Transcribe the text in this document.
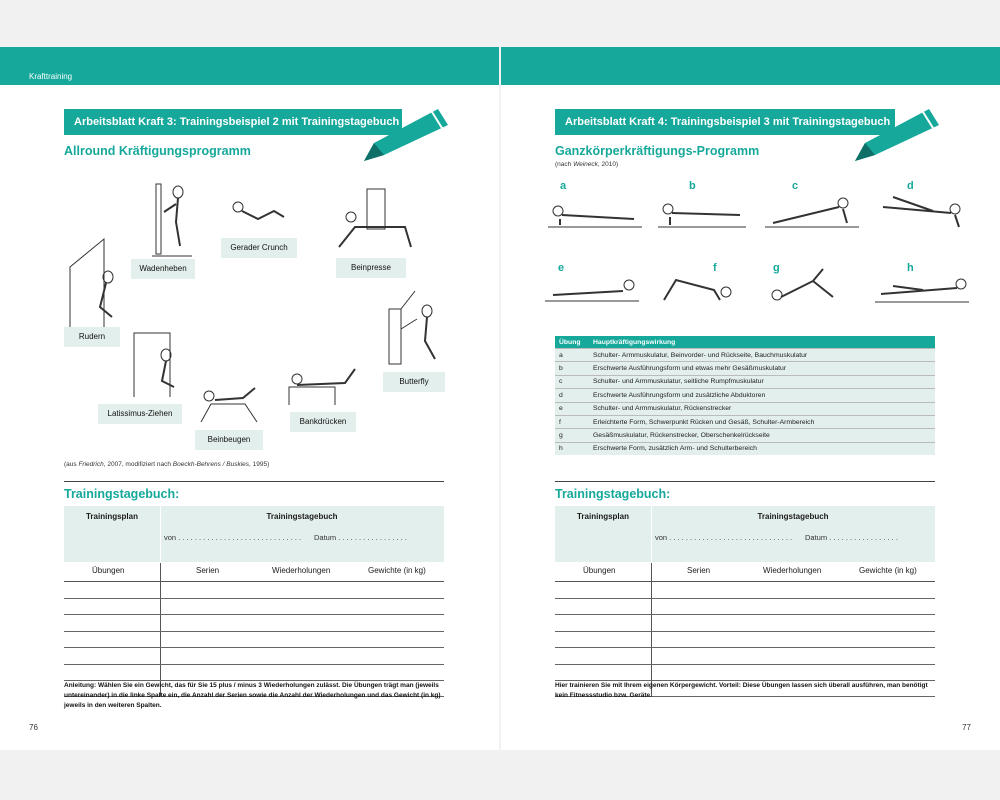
Krafttraining
Arbeitsblatt Kraft 3: Trainingsbeispiel 2 mit Trainingstagebuch
Allround Kräftigungsprogramm
Wadenheben
Gerader Crunch
Beinpresse
Rudern
Butterfly
Latissimus-Ziehen
Bankdrücken
Beinbeugen
(aus Friedrich, 2007, modifiziert nach Boeckh-Behrens / Buskies, 1995)
Trainingstagebuch:
Trainingsplan	Trainingstagebuch
von . . . . . . . . . . . . . . . . . . . . . . . . . . . . . . Datum . . . . . . . . . . . . . . . . .
Übungen	Serien	Wiederholungen	Gewichte (in kg)
Anleitung: Wählen Sie ein Gewicht, das für Sie 15 plus / minus 3 Wiederholungen zulässt. Die Übungen trägt man (jeweils untereinander) in die linke Spalte ein, die Anzahl der Serien sowie die Anzahl der Wiederholungen und das Gewicht (in kg) jeweils in den weiteren Spalten.
76
Arbeitsblatt Kraft 4: Trainingsbeispiel 3 mit Trainingstagebuch
Ganzkörperkräftigungs-Programm
(nach Weineck, 2010)
a	b	c	d
e	f	g	h
Übung	Hauptkräftigungswirkung
a	Schulter- Armmuskulatur, Beinvorder- und Rückseite, Bauchmuskulatur
b	Erschwerte Ausführungsform und etwas mehr Gesäßmuskulatur
c	Schulter- und Armmuskulatur, seitliche Rumpfmuskulatur
d	Erschwerte Ausführungsform und zusätzliche Abduktoren
e	Schulter- und Armmuskulatur, Rückenstrecker
f	Erleichterte Form, Schwerpunkt Rücken und Gesäß, Schulter-Armbereich
g	Gesäßmuskulatur, Rückenstrecker, Oberschenkelrückseite
h	Erschwerte Form, zusätzlich Arm- und Schulterbereich
Trainingstagebuch:
Trainingsplan	Trainingstagebuch
von . . . . . . . . . . . . . . . . . . . . . . . . . . . . . . Datum . . . . . . . . . . . . . . . . .
Übungen	Serien	Wiederholungen	Gewichte (in kg)
Hier trainieren Sie mit Ihrem eigenen Körpergewicht. Vorteil: Diese Übungen lassen sich überall ausführen, man benötigt kein Fitnessstudio bzw. Geräte.
77
